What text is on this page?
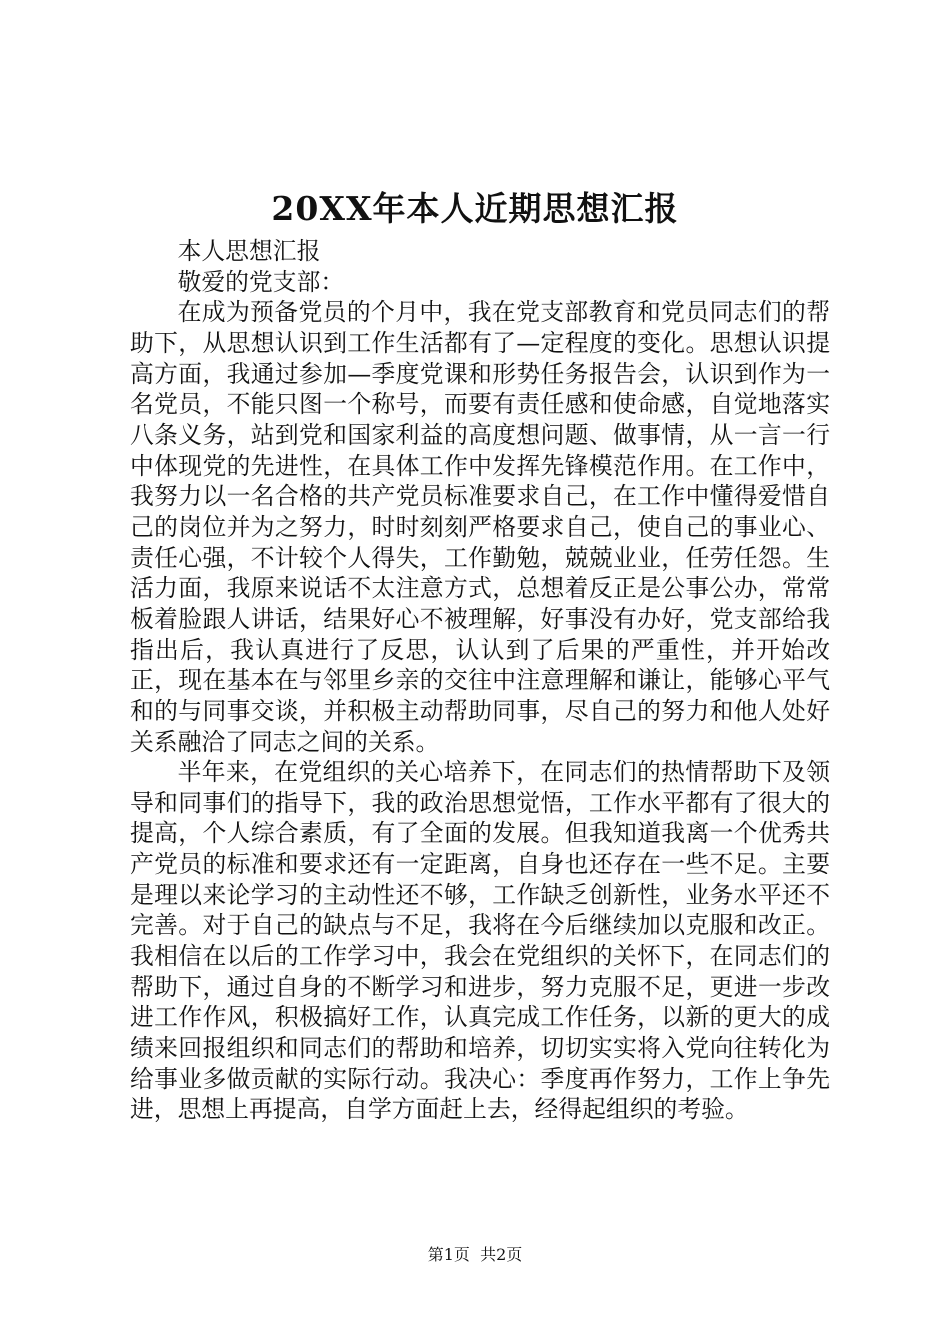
20XX年本人近期思想汇报

本人思想汇报

敬爱的党支部：

在成为预备党员的个月中，我在党支部教育和党员同志们的帮助下，从思想认识到工作生活都有了—定程度的变化。思想认识提高方面，我通过参加—季度党课和形势任务报告会，认识到作为一名党员，不能只图一个称号，而要有责任感和使命感，自觉地落实八条义务，站到党和国家利益的高度想问题、做事情，从一言一行中体现党的先进性，在具体工作中发挥先锋模范作用。在工作中，我努力以一名合格的共产党员标准要求自己，在工作中懂得爱惜自己的岗位并为之努力，时时刻刻严格要求自己，使自己的事业心、责任心强，不计较个人得失，工作勤勉，兢兢业业，任劳任怨。生活力面，我原来说话不太注意方式，总想着反正是公事公办，常常板着脸跟人讲话，结果好心不被理解，好事没有办好，党支部给我指出后，我认真进行了反思，认认到了后果的严重性，并开始改正，现在基本在与邻里乡亲的交往中注意理解和谦让，能够心平气和的与同事交谈，并积极主动帮助同事，尽自己的努力和他人处好关系融洽了同志之间的关系。

半年来，在党组织的关心培养下，在同志们的热情帮助下及领导和同事们的指导下，我的政治思想觉悟，工作水平都有了很大的提高，个人综合素质，有了全面的发展。但我知道我离一个优秀共产党员的标准和要求还有一定距离，自身也还存在一些不足。主要是理以来论学习的主动性还不够，工作缺乏创新性，业务水平还不完善。对于自己的缺点与不足，我将在今后继续加以克服和改正。我相信在以后的工作学习中，我会在党组织的关怀下，在同志们的帮助下，通过自身的不断学习和进步，努力克服不足，更进一步改进工作作风，积极搞好工作，认真完成工作任务，以新的更大的成绩来回报组织和同志们的帮助和培养，切切实实将入党向往转化为给事业多做贡献的实际行动。我决心：季度再作努力，工作上争先进，思想上再提高，自学方面赶上去，经得起组织的考验。

第1页  共2页
